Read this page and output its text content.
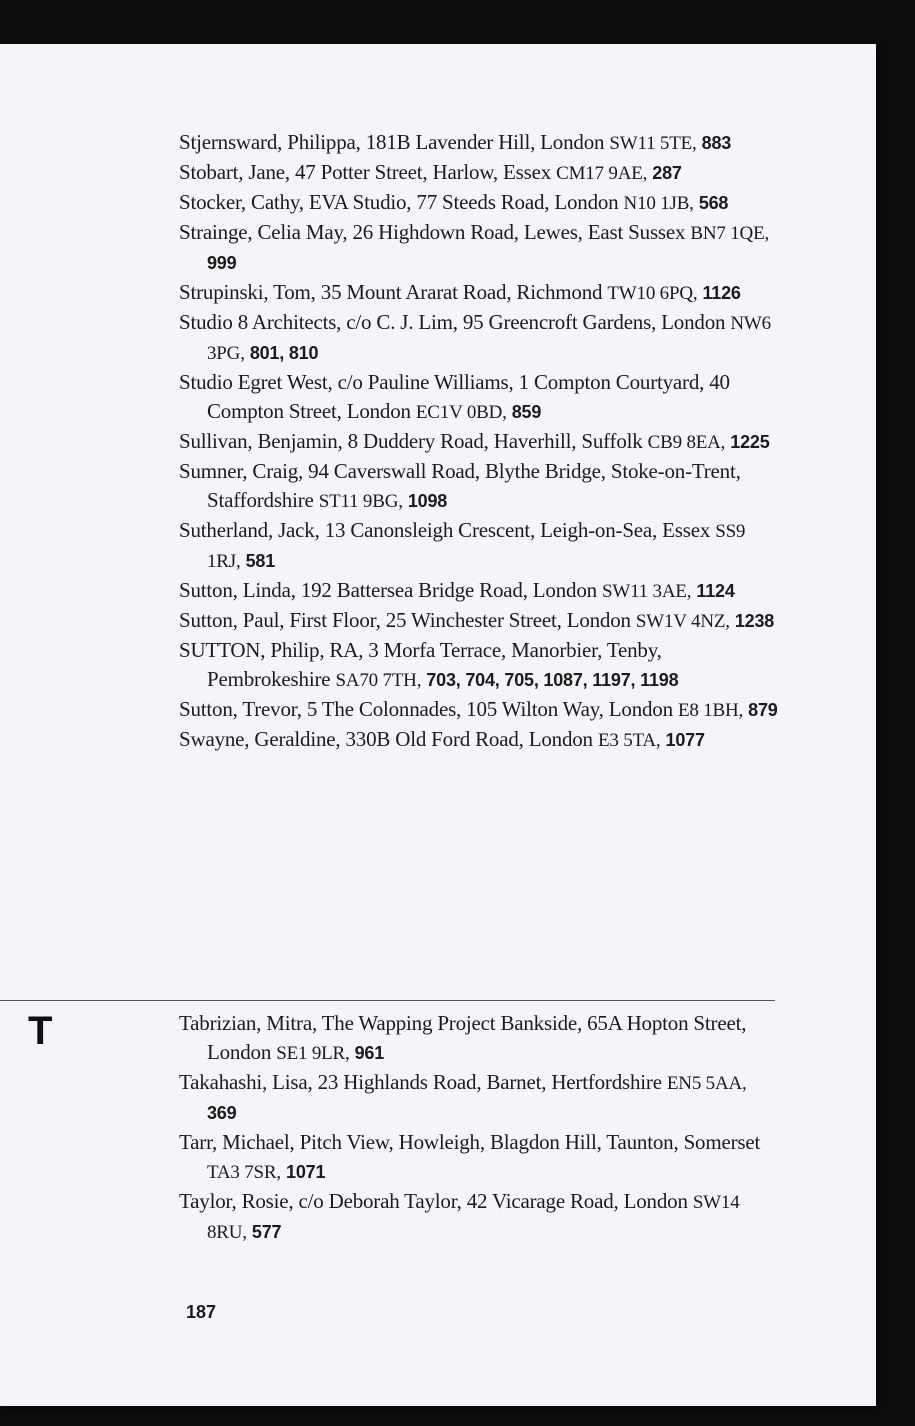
Stjernsward, Philippa, 181B Lavender Hill, London SW11 5TE, 883
Stobart, Jane, 47 Potter Street, Harlow, Essex CM17 9AE, 287
Stocker, Cathy, EVA Studio, 77 Steeds Road, London N10 1JB, 568
Strainge, Celia May, 26 Highdown Road, Lewes, East Sussex BN7 1QE, 999
Strupinski, Tom, 35 Mount Ararat Road, Richmond TW10 6PQ, 1126
Studio 8 Architects, c/o C. J. Lim, 95 Greencroft Gardens, London NW6 3PG, 801, 810
Studio Egret West, c/o Pauline Williams, 1 Compton Courtyard, 40 Compton Street, London EC1V 0BD, 859
Sullivan, Benjamin, 8 Duddery Road, Haverhill, Suffolk CB9 8EA, 1225
Sumner, Craig, 94 Caverswall Road, Blythe Bridge, Stoke-on-Trent, Staffordshire ST11 9BG, 1098
Sutherland, Jack, 13 Canonsleigh Crescent, Leigh-on-Sea, Essex SS9 1RJ, 581
Sutton, Linda, 192 Battersea Bridge Road, London SW11 3AE, 1124
Sutton, Paul, First Floor, 25 Winchester Street, London SW1V 4NZ, 1238
SUTTON, Philip, RA, 3 Morfa Terrace, Manorbier, Tenby, Pembrokeshire SA70 7TH, 703, 704, 705, 1087, 1197, 1198
Sutton, Trevor, 5 The Colonnades, 105 Wilton Way, London E8 1BH, 879
Swayne, Geraldine, 330B Old Ford Road, London E3 5TA, 1077
T	Tabrizian, Mitra, The Wapping Project Bankside, 65A Hopton Street, London SE1 9LR, 961
Takahashi, Lisa, 23 Highlands Road, Barnet, Hertfordshire EN5 5AA, 369
Tarr, Michael, Pitch View, Howleigh, Blagdon Hill, Taunton, Somerset TA3 7SR, 1071
Taylor, Rosie, c/o Deborah Taylor, 42 Vicarage Road, London SW14 8RU, 577
187
